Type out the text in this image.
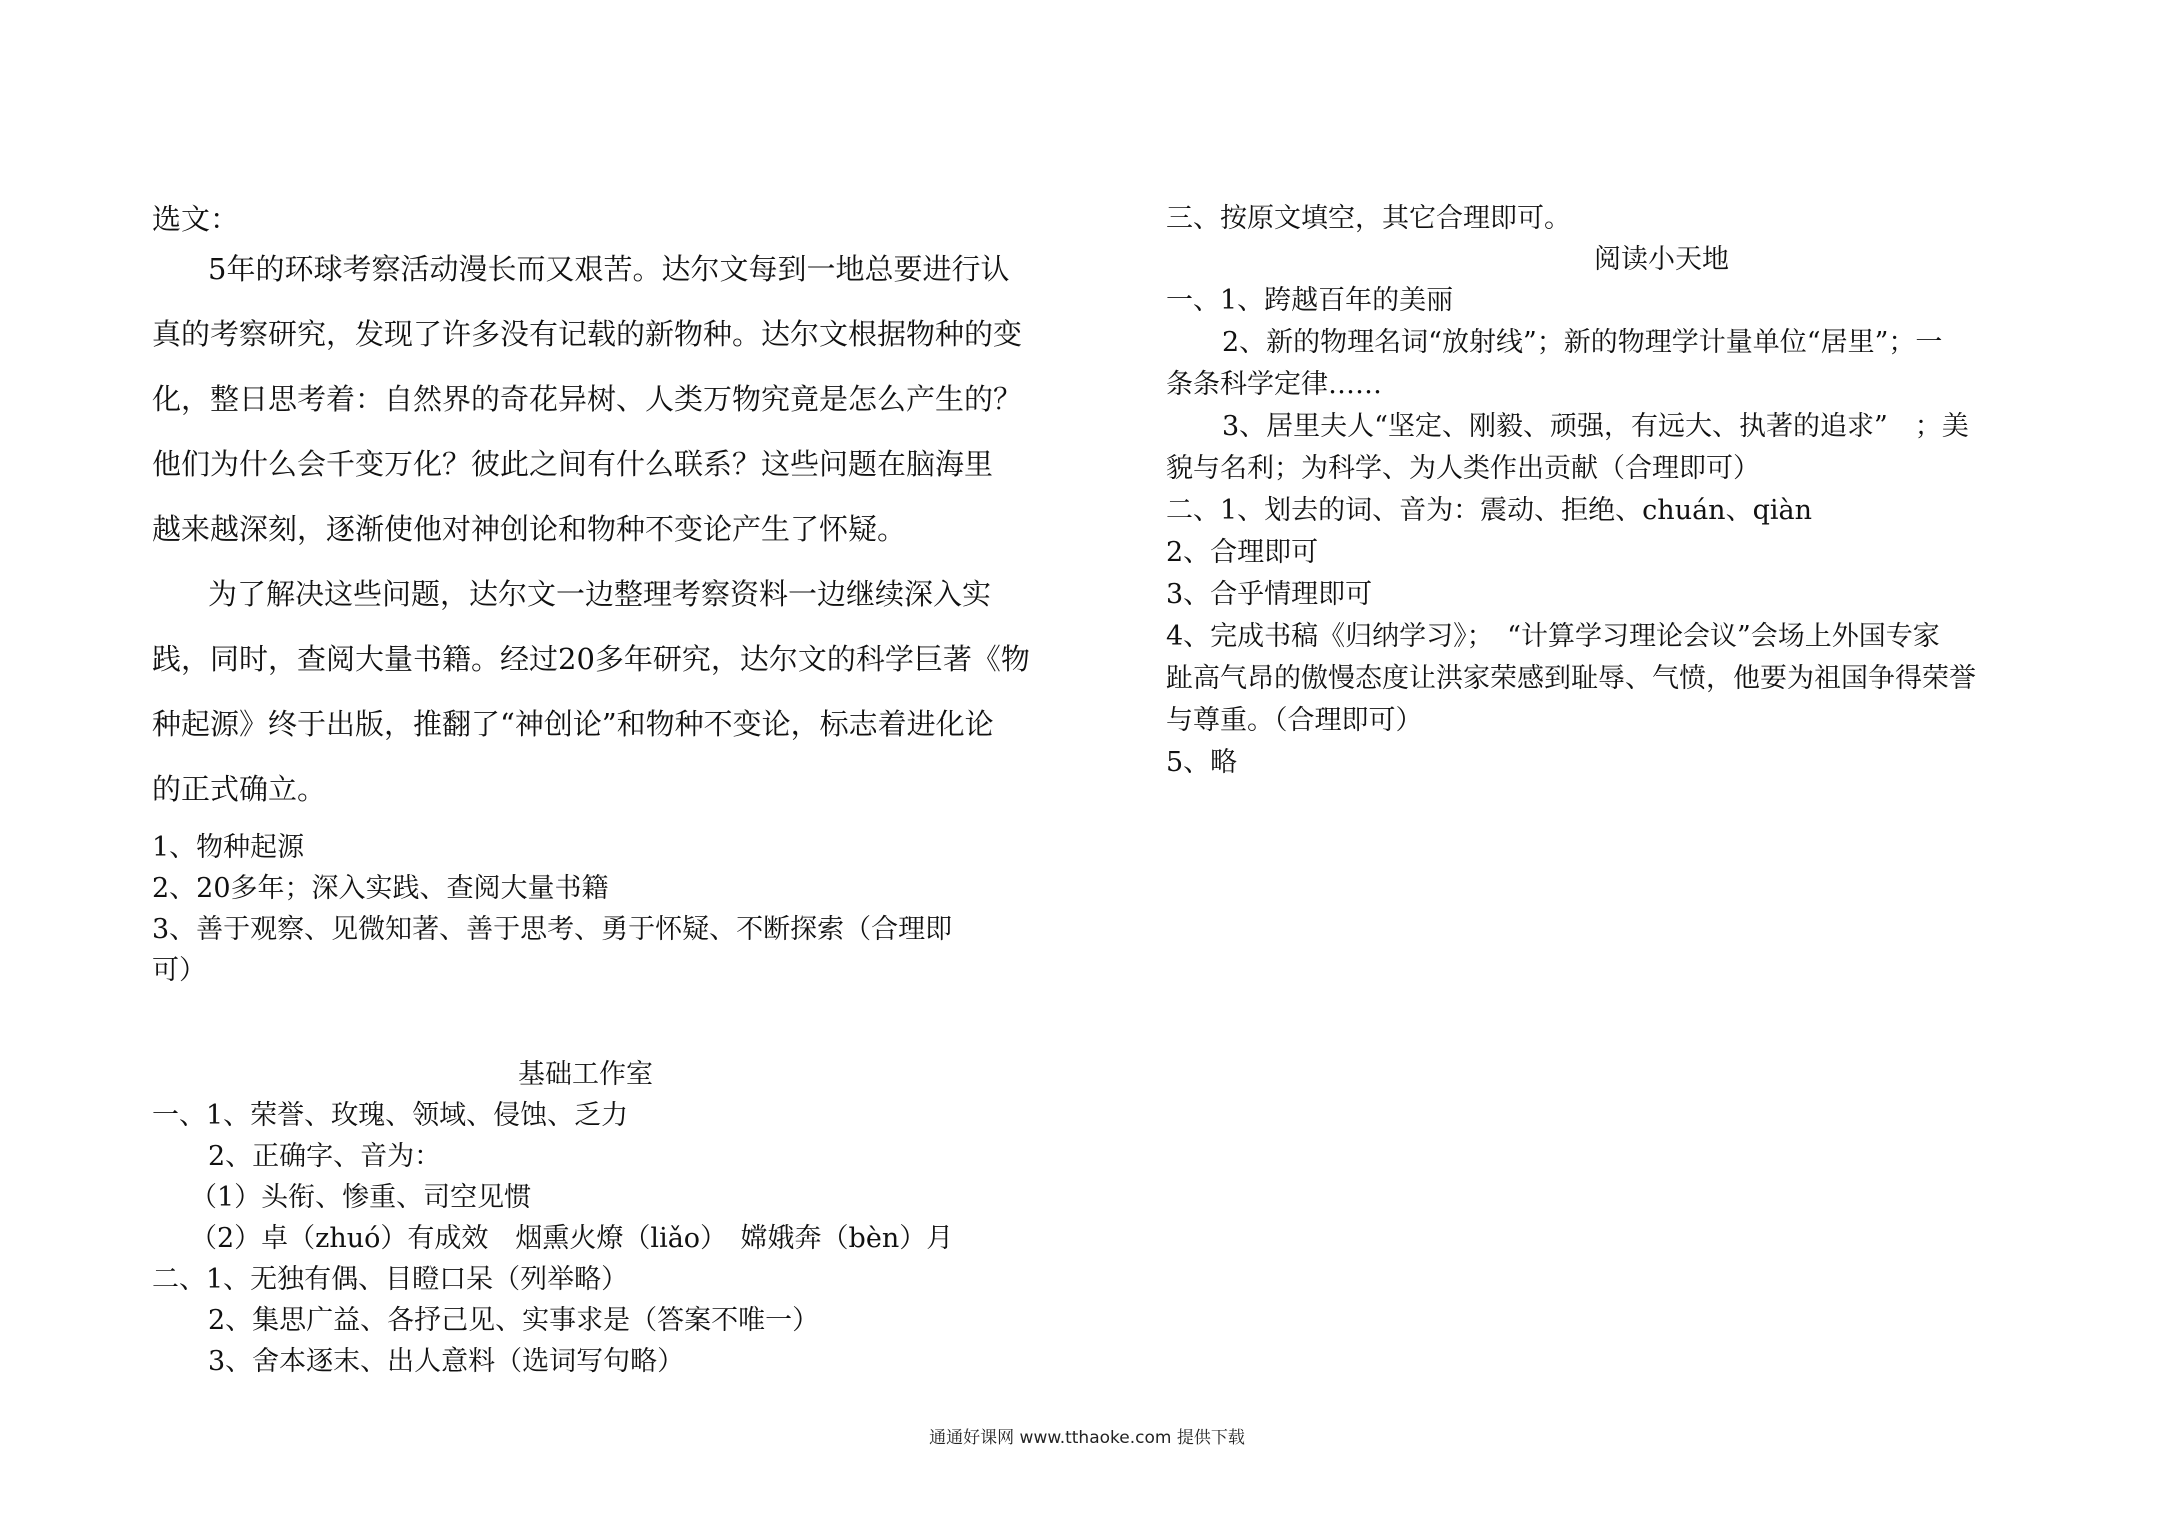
选文：
5年的环球考察活动漫长而又艰苦。达尔文每到一地总要进行认
真的考察研究，发现了许多没有记载的新物种。达尔文根据物种的变
化，整日思考着：自然界的奇花异树、人类万物究竟是怎么产生的？
他们为什么会千变万化？彼此之间有什么联系？这些问题在脑海里
越来越深刻，逐渐使他对神创论和物种不变论产生了怀疑。
为了解决这些问题，达尔文一边整理考察资料一边继续深入实
践，同时，查阅大量书籍。经过20多年研究，达尔文的科学巨著《物
种起源》终于出版，推翻了“神创论”和物种不变论，标志着进化论
的正式确立。
1、物种起源
2、20多年；深入实践、查阅大量书籍
3、善于观察、见微知著、善于思考、勇于怀疑、不断探索（合理即
可）
基础工作室
一、1、荣誉、玫瑰、领域、侵蚀、乏力
2、正确字、音为：
（1）头衔、惨重、司空见惯
（2）卓（zhuó）有成效　烟熏火燎（liǎo）　嫦娥奔（bèn）月
二、1、无独有偶、目瞪口呆（列举略）
2、集思广益、各抒己见、实事求是（答案不唯一）
3、舍本逐末、出人意料（选词写句略）
三、按原文填空，其它合理即可。
阅读小天地
一、1、跨越百年的美丽
2、新的物理名词“放射线”；新的物理学计量单位“居里”；一
条条科学定律……
3、居里夫人“坚定、刚毅、顽强，有远大、执著的追求”　；美
貌与名利；为科学、为人类作出贡献（合理即可）
二、1、划去的词、音为：震动、拒绝、chuán、qiàn
2、合理即可
3、合乎情理即可
4、完成书稿《归纳学习》；　“计算学习理论会议”会场上外国专家
趾高气昂的傲慢态度让洪家荣感到耻辱、气愤，他要为祖国争得荣誉
与尊重。（合理即可）
5、略
通通好课网 www.tthaoke.com 提供下载
